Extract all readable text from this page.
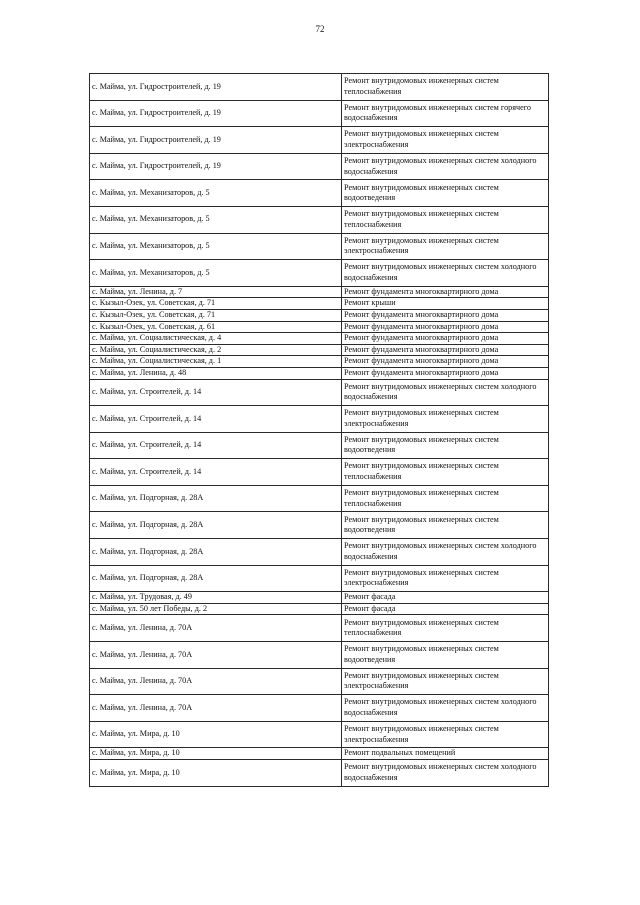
72
с. Майма, ул. Гидростроителей, д. 19	Ремонт внутридомовых инженерных систем теплоснабжения
с. Майма, ул. Гидростроителей, д. 19	Ремонт внутридомовых инженерных систем горячего водоснабжения
с. Майма, ул. Гидростроителей, д. 19	Ремонт внутридомовых инженерных систем электроснабжения
с. Майма, ул. Гидростроителей, д. 19	Ремонт внутридомовых инженерных систем холодного водоснабжения
с. Майма, ул. Механизаторов, д. 5	Ремонт внутридомовых инженерных систем водоотведения
с. Майма, ул. Механизаторов, д. 5	Ремонт внутридомовых инженерных систем теплоснабжения
с. Майма, ул. Механизаторов, д. 5	Ремонт внутридомовых инженерных систем электроснабжения
с. Майма, ул. Механизаторов, д. 5	Ремонт внутридомовых инженерных систем холодного водоснабжения
с. Майма, ул. Ленина, д. 7	Ремонт фундамента многоквартирного дома
с. Кызыл-Озек, ул. Советская, д. 71	Ремонт крыши
с. Кызыл-Озек, ул. Советская, д. 71	Ремонт фундамента многоквартирного дома
с. Кызыл-Озек, ул. Советская, д. 61	Ремонт фундамента многоквартирного дома
с. Майма, ул. Социалистическая, д. 4	Ремонт фундамента многоквартирного дома
с. Майма, ул. Социалистическая, д. 2	Ремонт фундамента многоквартирного дома
с. Майма, ул. Социалистическая, д. 1	Ремонт фундамента многоквартирного дома
с. Майма, ул. Ленина, д. 48	Ремонт фундамента многоквартирного дома
с. Майма, ул. Строителей, д. 14	Ремонт внутридомовых инженерных систем холодного водоснабжения
с. Майма, ул. Строителей, д. 14	Ремонт внутридомовых инженерных систем электроснабжения
с. Майма, ул. Строителей, д. 14	Ремонт внутридомовых инженерных систем водоотведения
с. Майма, ул. Строителей, д. 14	Ремонт внутридомовых инженерных систем теплоснабжения
с. Майма, ул. Подгорная, д. 28А	Ремонт внутридомовых инженерных систем теплоснабжения
с. Майма, ул. Подгорная, д. 28А	Ремонт внутридомовых инженерных систем водоотведения
с. Майма, ул. Подгорная, д. 28А	Ремонт внутридомовых инженерных систем холодного водоснабжения
с. Майма, ул. Подгорная, д. 28А	Ремонт внутридомовых инженерных систем электроснабжения
с. Майма, ул. Трудовая, д. 49	Ремонт фасада
с. Майма, ул. 50 лет Победы, д. 2	Ремонт фасада
с. Майма, ул. Ленина, д. 70А	Ремонт внутридомовых инженерных систем теплоснабжения
с. Майма, ул. Ленина, д. 70А	Ремонт внутридомовых инженерных систем водоотведения
с. Майма, ул. Ленина, д. 70А	Ремонт внутридомовых инженерных систем электроснабжения
с. Майма, ул. Ленина, д. 70А	Ремонт внутридомовых инженерных систем холодного водоснабжения
с. Майма, ул. Мира, д. 10	Ремонт внутридомовых инженерных систем электроснабжения
с. Майма, ул. Мира, д. 10	Ремонт подвальных помещений
с. Майма, ул. Мира, д. 10	Ремонт внутридомовых инженерных систем холодного водоснабжения
